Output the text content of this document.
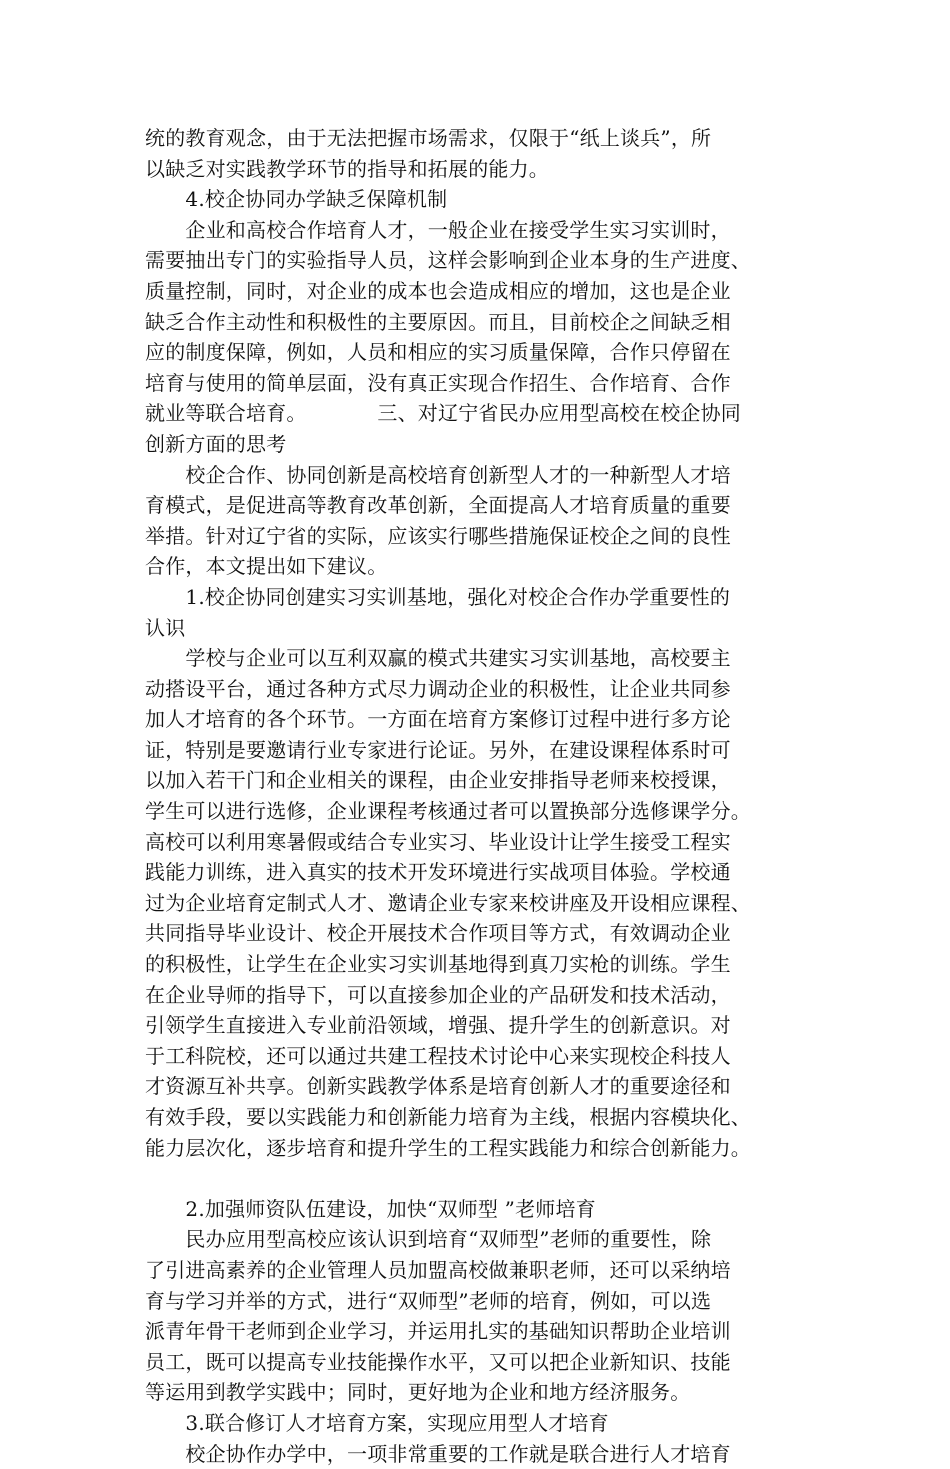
统的教育观念，由于无法把握市场需求，仅限于“纸上谈兵”，所
以缺乏对实践教学环节的指导和拓展的能力。
　　4.校企协同办学缺乏保障机制
　　企业和高校合作培育人才，一般企业在接受学生实习实训时，
需要抽出专门的实验指导人员，这样会影响到企业本身的生产进度、
质量控制，同时，对企业的成本也会造成相应的增加，这也是企业
缺乏合作主动性和积极性的主要原因。而且，目前校企之间缺乏相
应的制度保障，例如，人员和相应的实习质量保障，合作只停留在
培育与使用的简单层面，没有真正实现合作招生、合作培育、合作
就业等联合培育。　　　　三、对辽宁省民办应用型高校在校企协同
创新方面的思考
　　校企合作、协同创新是高校培育创新型人才的一种新型人才培
育模式，是促进高等教育改革创新，全面提高人才培育质量的重要
举措。针对辽宁省的实际，应该实行哪些措施保证校企之间的良性
合作，本文提出如下建议。
　　1.校企协同创建实习实训基地，强化对校企合作办学重要性的
认识
　　学校与企业可以互利双赢的模式共建实习实训基地，高校要主
动搭设平台，通过各种方式尽力调动企业的积极性，让企业共同参
加人才培育的各个环节。一方面在培育方案修订过程中进行多方论
证，特别是要邀请行业专家进行论证。另外，在建设课程体系时可
以加入若干门和企业相关的课程，由企业安排指导老师来校授课，
学生可以进行选修，企业课程考核通过者可以置换部分选修课学分。
高校可以利用寒暑假或结合专业实习、毕业设计让学生接受工程实
践能力训练，进入真实的技术开发环境进行实战项目体验。学校通
过为企业培育定制式人才、邀请企业专家来校讲座及开设相应课程、
共同指导毕业设计、校企开展技术合作项目等方式，有效调动企业
的积极性，让学生在企业实习实训基地得到真刀实枪的训练。学生
在企业导师的指导下，可以直接参加企业的产品研发和技术活动，
引领学生直接进入专业前沿领域，增强、提升学生的创新意识。对
于工科院校，还可以通过共建工程技术讨论中心来实现校企科技人
才资源互补共享。创新实践教学体系是培育创新人才的重要途径和
有效手段，要以实践能力和创新能力培育为主线，根据内容模块化、
能力层次化，逐步培育和提升学生的工程实践能力和综合创新能力。
　　2.加强师资队伍建设，加快“双师型 ”老师培育
　　民办应用型高校应该认识到培育“双师型”老师的重要性，除
了引进高素养的企业管理人员加盟高校做兼职老师，还可以采纳培
育与学习并举的方式，进行“双师型”老师的培育，例如，可以选
派青年骨干老师到企业学习，并运用扎实的基础知识帮助企业培训
员工，既可以提高专业技能操作水平，又可以把企业新知识、技能
等运用到教学实践中；同时，更好地为企业和地方经济服务。
　　3.联合修订人才培育方案，实现应用型人才培育
　　校企协作办学中，一项非常重要的工作就是联合进行人才培育
